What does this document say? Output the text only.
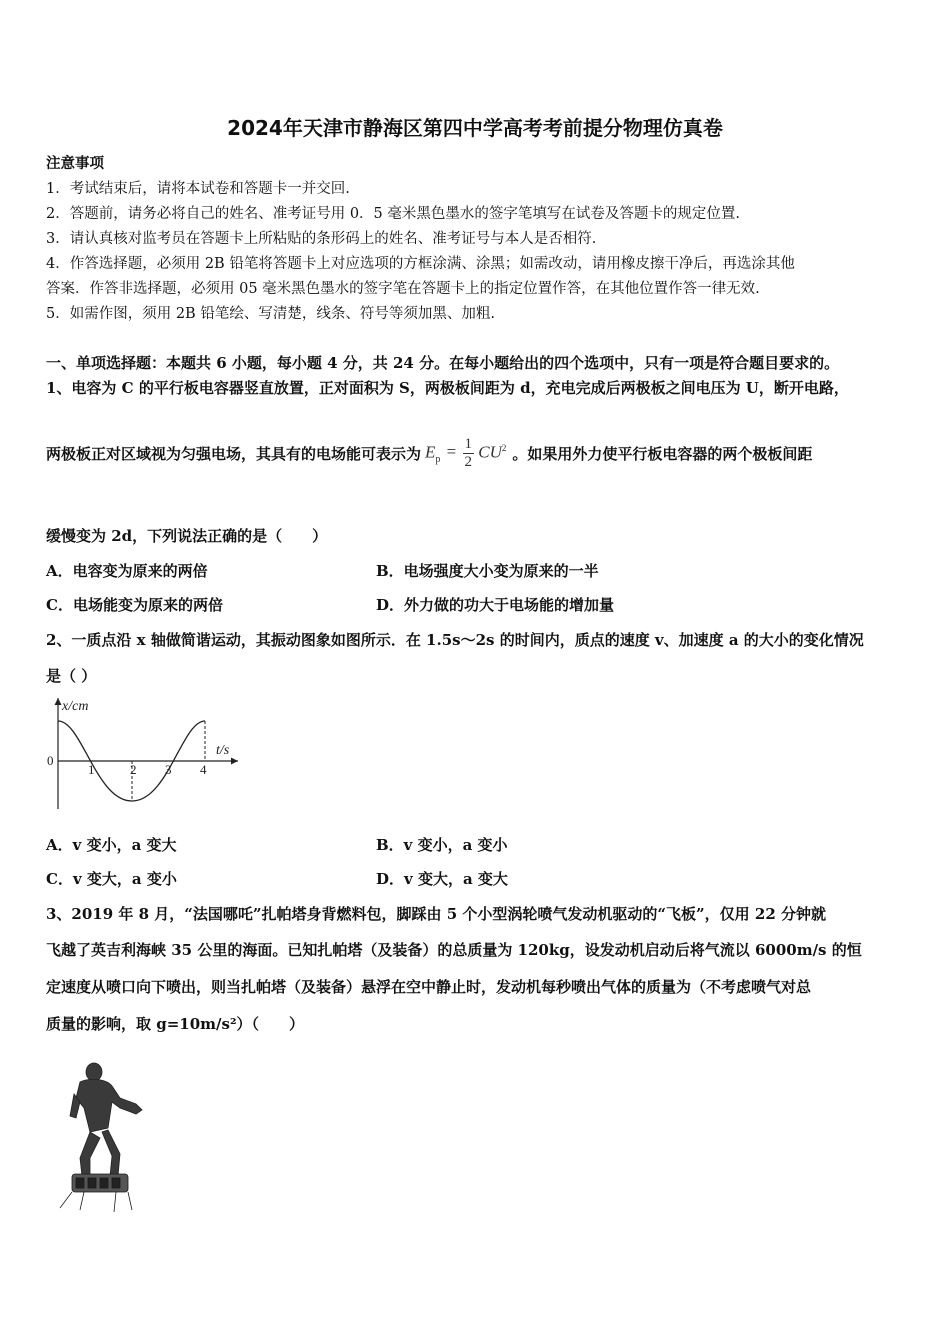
2024年天津市静海区第四中学高考考前提分物理仿真卷
注意事项
1．考试结束后，请将本试卷和答题卡一并交回.
2．答题前，请务必将自己的姓名、准考证号用 0．5 毫米黑色墨水的签字笔填写在试卷及答题卡的规定位置.
3．请认真核对监考员在答题卡上所粘贴的条形码上的姓名、准考证号与本人是否相符.
4．作答选择题，必须用 2B 铅笔将答题卡上对应选项的方框涂满、涂黑；如需改动，请用橡皮擦干净后，再选涂其他
答案．作答非选择题，必须用 05 毫米黑色墨水的签字笔在答题卡上的指定位置作答，在其他位置作答一律无效.
5．如需作图，须用 2B 铅笔绘、写清楚，线条、符号等须加黑、加粗.
一、单项选择题：本题共 6 小题，每小题 4 分，共 24 分。在每小题给出的四个选项中，只有一项是符合题目要求的。
1、电容为 C 的平行板电容器竖直放置，正对面积为 S，两极板间距为 d，充电完成后两极板之间电压为 U，断开电路，
两极板正对区域视为匀强电场，其具有的电场能可表示为 $E_p = \frac{1}{2} CU^2$ 。如果用外力使平行板电容器的两个极板间距
缓慢变为 2d，下列说法正确的是（　　）
A．电容变为原来的两倍	B．电场强度大小变为原来的一半
C．电场能变为原来的两倍	D．外力做的功大于电场能的增加量
2、一质点沿 x 轴做简谐运动，其振动图象如图所示．在 1.5s～2s 的时间内，质点的速度 v、加速度 a 的大小的变化情况
是（ ）
x/cm
t/s
0
1	2 3 4
A．v 变小，a 变大	B．v 变小，a 变小
C．v 变大，a 变小	D．v 变大，a 变大
3、2019 年 8 月，“法国哪吒”扎帕塔身背燃料包，脚踩由 5 个小型涡轮喷气发动机驱动的“飞板”，仅用 22 分钟就
飞越了英吉利海峡 35 公里的海面。已知扎帕塔（及装备）的总质量为 120kg，设发动机启动后将气流以 6000m/s 的恒
定速度从喷口向下喷出，则当扎帕塔（及装备）悬浮在空中静止时，发动机每秒喷出气体的质量为（不考虑喷气对总
质量的影响，取 g=10m/s²）（　　）
